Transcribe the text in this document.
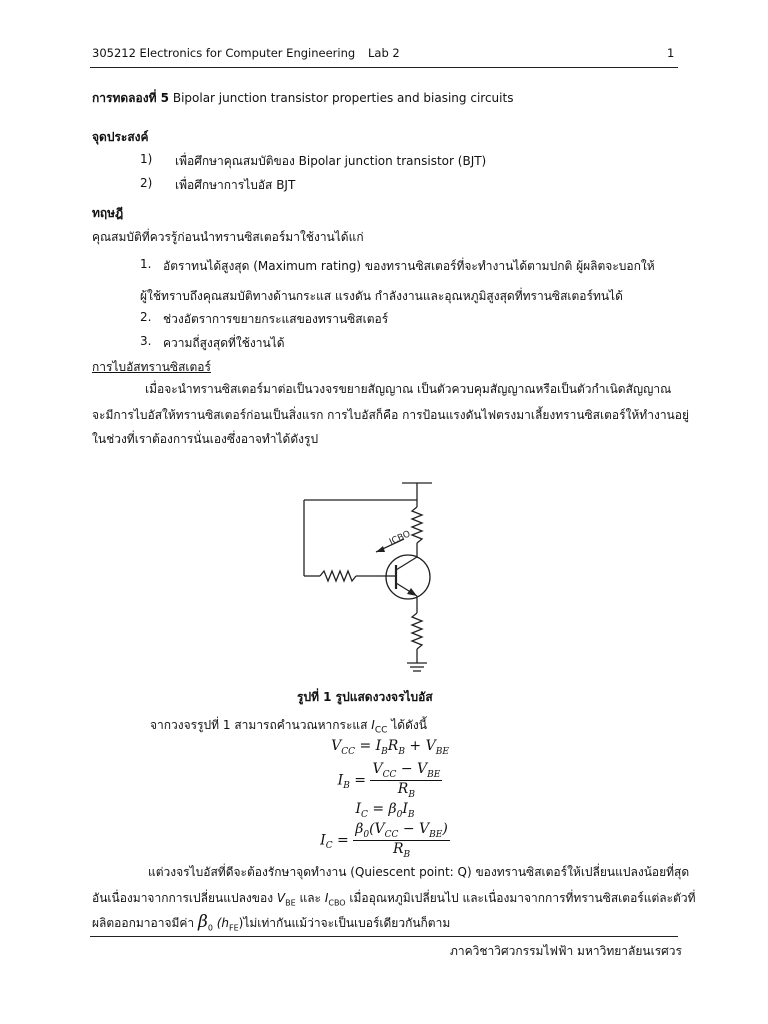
305212 Electronics for Computer Engineering Lab 2	1
การทดลองที่ 5 Bipolar junction transistor properties and biasing circuits
จุดประสงค์
1) เพื่อศึกษาคุณสมบัติของ Bipolar junction transistor (BJT)
2) เพื่อศึกษาการไบอัส BJT
ทฤษฎี
คุณสมบัติที่ควรรู้ก่อนนำทรานซิสเตอร์มาใช้งานได้แก่
1. อัตราทนได้สูงสุด (Maximum rating) ของทรานซิสเตอร์ที่จะทำงานได้ตามปกติ ผู้ผลิตจะบอกให้
ผู้ใช้ทราบถึงคุณสมบัติทางด้านกระแส แรงดัน กำลังงานและอุณหภูมิสูงสุดที่ทรานซิสเตอร์ทนได้
2. ช่วงอัตราการขยายกระแสของทรานซิสเตอร์
3. ความถี่สูงสุดที่ใช้งานได้
การไบอัสทรานซิสเตอร์
เมื่อจะนำทรานซิสเตอร์มาต่อเป็นวงจรขยายสัญญาณ เป็นตัวควบคุมสัญญาณหรือเป็นตัวกำเนิดสัญญาณ
จะมีการไบอัสให้ทรานซิสเตอร์ก่อนเป็นสิ่งแรก การไบอัสก็คือ การป้อนแรงดันไฟตรงมาเลี้ยงทรานซิสเตอร์ให้ทำงานอยู่
ในช่วงที่เราต้องการนั่นเองซึ่งอาจทำได้ดังรูป
ICBO
รูปที่ 1 รูปแสดงวงจรไบอัส
จากวงจรรูปที่ 1 สามารถคำนวณหากระแส $I_{CC}$ ได้ดังนี้
$V_{CC} = I_BR_B + V_{BE}$
$I_B = \frac{V_{CC} - V_{BE}}{R_B}$
$I_C = \beta_0I_B$
$I_C = \frac{\beta_0(V_{CC} - V_{BE})}{R_B}$
แต่วงจรไบอัสที่ดีจะต้องรักษาจุดทำงาน (Quiescent point: Q) ของทรานซิสเตอร์ให้เปลี่ยนแปลงน้อยที่สุด
อันเนื่องมาจากการเปลี่ยนแปลงของ $V_{BE}$ และ $I_{CBO}$ เมื่ออุณหภูมิเปลี่ยนไป และเนื่องมาจากการที่ทรานซิสเตอร์แต่ละตัวที่
ผลิตออกมาอาจมีค่า $\beta_0$ $(h_{FE})$ไม่เท่ากันแม้ว่าจะเป็นเบอร์เดียวกันก็ตาม
ภาควิชาวิศวกรรมไฟฟ้า มหาวิทยาลัยนเรศวร
